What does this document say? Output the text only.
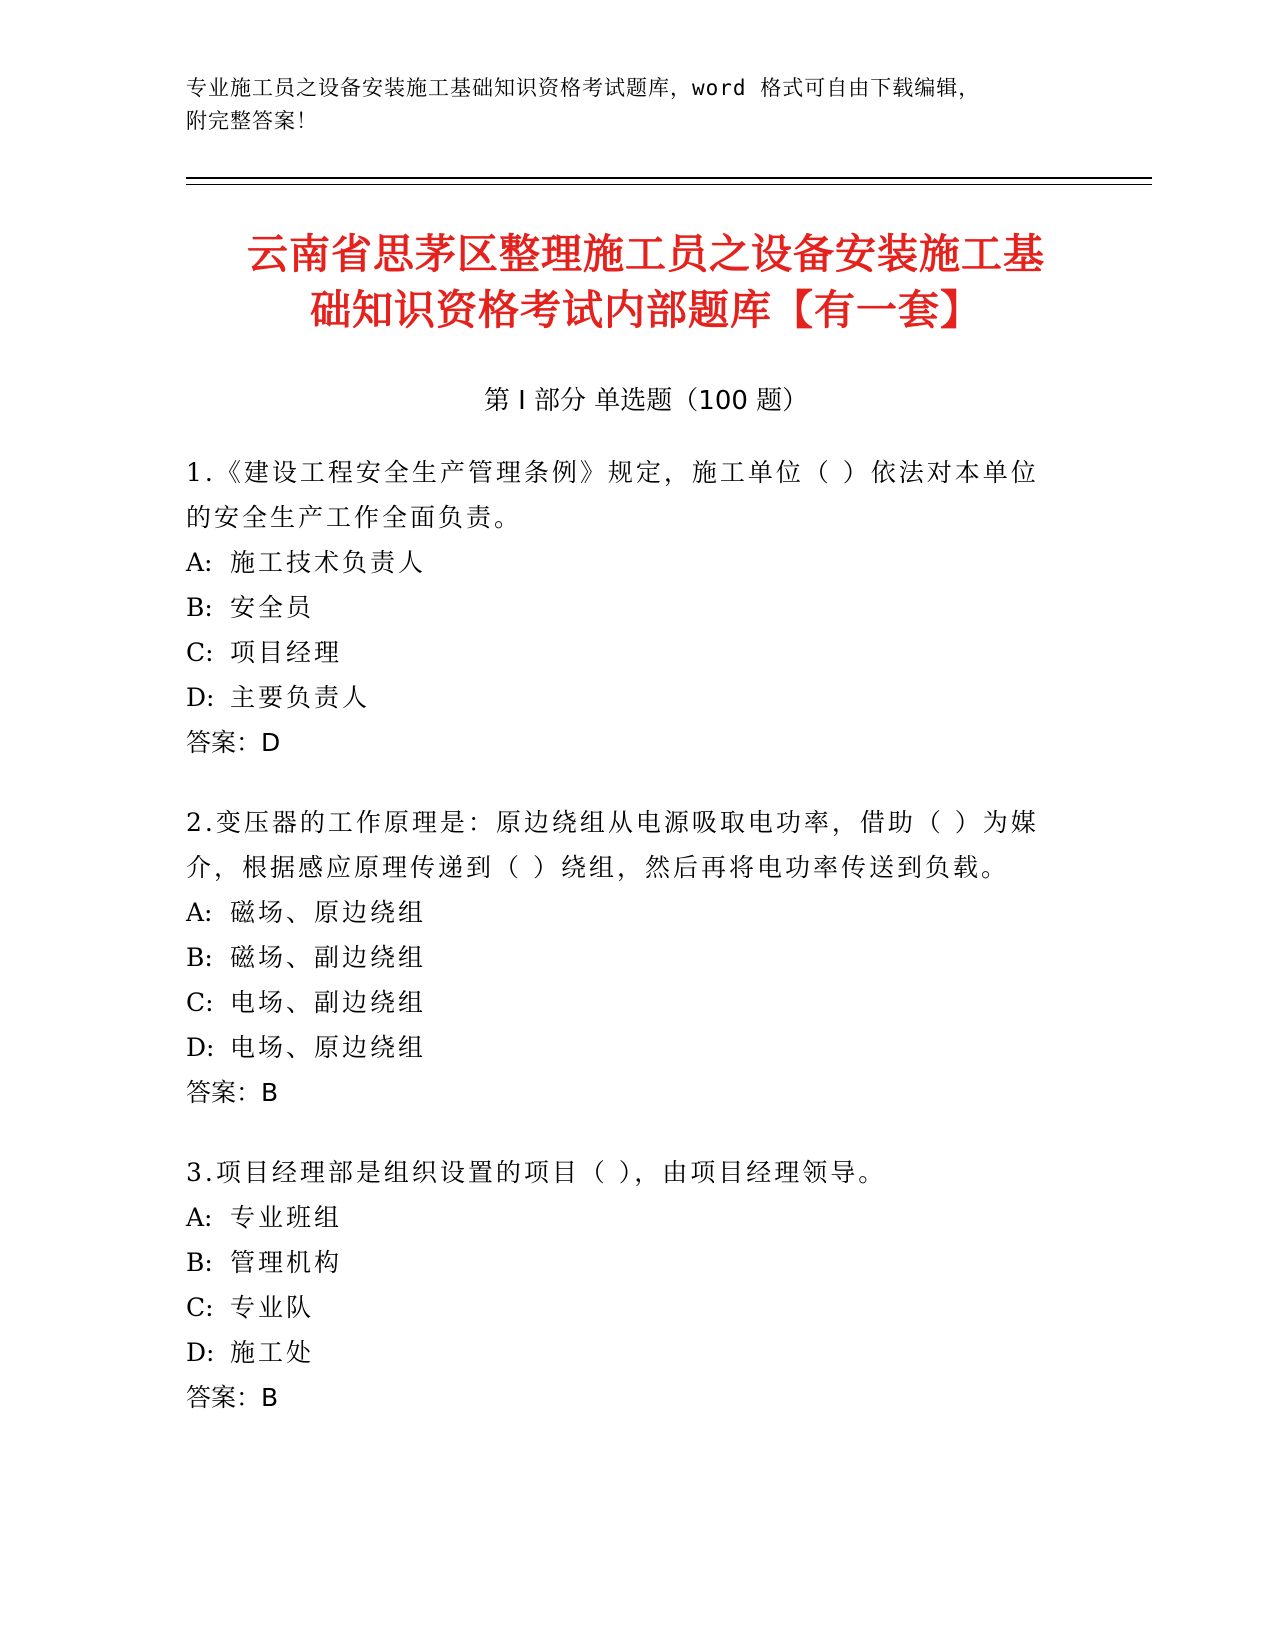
专业施工员之设备安装施工基础知识资格考试题库，word 格式可自由下载编辑，
附完整答案！
云南省思茅区整理施工员之设备安装施工基
础知识资格考试内部题库【有一套】
第 I 部分 单选题（100 题）

1.《建设工程安全生产管理条例》规定，施工单位（ ）依法对本单位

的安全生产工作全面负责。

A: 施工技术负责人

B: 安全员

C: 项目经理

D: 主要负责人

答案：D

2.变压器的工作原理是：原边绕组从电源吸取电功率，借助（ ）为媒

介，根据感应原理传递到（ ）绕组，然后再将电功率传送到负载。

A: 磁场、原边绕组

B: 磁场、副边绕组

C: 电场、副边绕组

D: 电场、原边绕组

答案：B

3.项目经理部是组织设置的项目（ ），由项目经理领导。

A: 专业班组

B: 管理机构

C: 专业队

D: 施工处

答案：B
